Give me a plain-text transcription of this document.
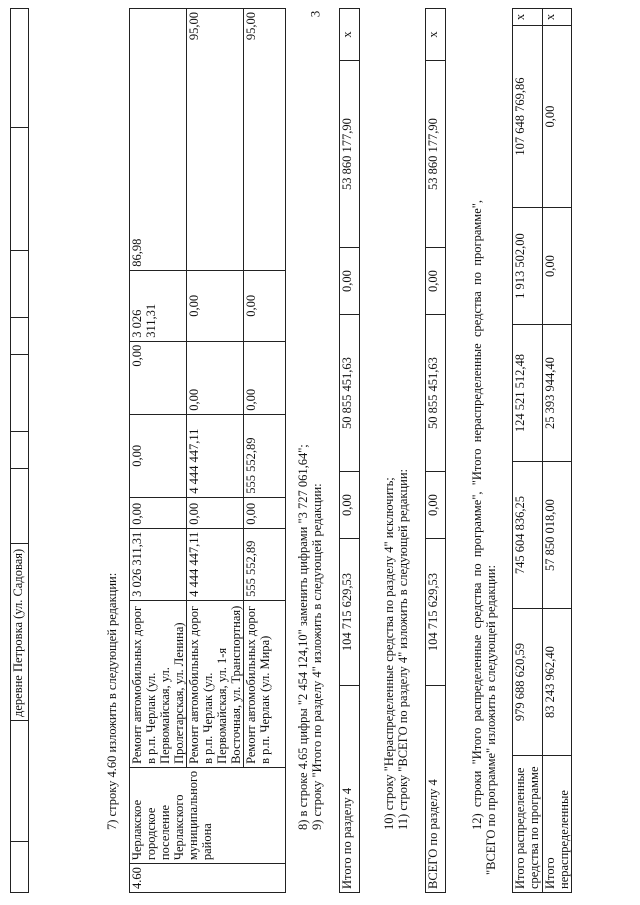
3
		деревне Петровка (ул. Садовая)								7) строку 4.60 изложить в следующей редакции:
4.60	Черлакское городское поселение Черлакского муниципального района	Ремонт автомобильных дорог в р.п. Черлак (ул. Первомайская, ул. Пролетарская, ул. Ленина)	3 026 311,31	0,00	0,00	0,00	3 026 311,31	86,98
		Ремонт автомобильных дорог в р.п. Черлак (ул. Первомайская, ул. 1-я Восточная, ул. Транспортная)	4 444 447,11	0,00	4 444 447,11	0,00	0,00	95,00
		Ремонт автомобильных дорог в р.п. Черлак (ул. Мира)	555 552,89	0,00	555 552,89	0,00	0,00	95,00
8) в строке 4.65 цифры "2 454 124,10" заменить цифрами "3 727 061,64"; 9) строку "Итого по разделу 4" изложить в следующей редакции:
Итого по разделу 4	104 715 629,53	0,00	50 855 451,63	0,00	53 860 177,90	х
10) строку "Нераспределенные средства по разделу 4" исключить; 11) строку "ВСЕГО по разделу 4" изложить в следующей редакции:
ВСЕГО по разделу 4	104 715 629,53	0,00	50 855 451,63	0,00	53 860 177,90	х
12) строки "Итого распределенные средства по программе", "Итого нераспределенные средства по программе", "ВСЕГО по программе" изложить в следующей редакции: Итого распределенные средства по программе	979 688 620,59	745 604 836,25	124 521 512,48	1 913 502,00	107 648 769,86	х
Итого нераспределенные	83 243 962,40	57 850 018,00	25 393 944,40	0,00	0,00	х
